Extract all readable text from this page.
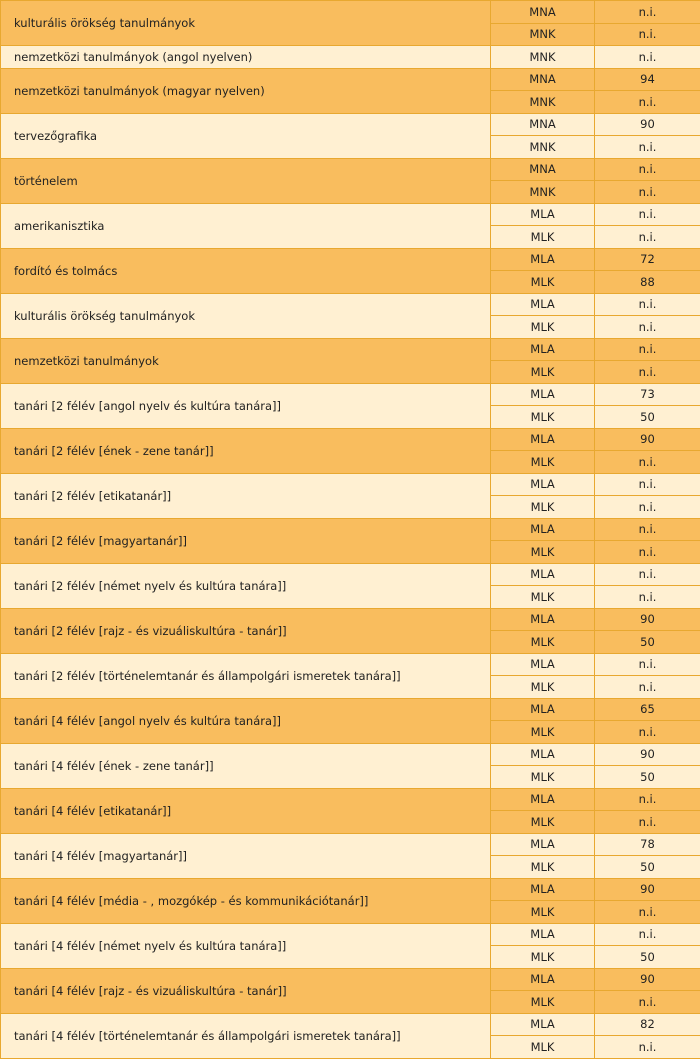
kulturális örökség tanulmányok	MNA	n.i.
	MNK	n.i.
nemzetközi tanulmányok (angol nyelven)	MNK	n.i.
nemzetközi tanulmányok (magyar nyelven)	MNA	94
	MNK	n.i.
tervezőgrafika	MNA	90
	MNK	n.i.
történelem	MNA	n.i.
	MNK	n.i.
amerikanisztika	MLA	n.i.
	MLK	n.i.
fordító és tolmács	MLA	72
	MLK	88
kulturális örökség tanulmányok	MLA	n.i.
	MLK	n.i.
nemzetközi tanulmányok	MLA	n.i.
	MLK	n.i.
tanári [2 félév [angol nyelv és kultúra tanára]]	MLA	73
	MLK	50
tanári [2 félév [ének - zene tanár]]	MLA	90
	MLK	n.i.
tanári [2 félév [etikatanár]]	MLA	n.i.
	MLK	n.i.
tanári [2 félév [magyartanár]]	MLA	n.i.
	MLK	n.i.
tanári [2 félév [német nyelv és kultúra tanára]]	MLA	n.i.
	MLK	n.i.
tanári [2 félév [rajz - és vizuáliskultúra - tanár]]	MLA	90
	MLK	50
tanári [2 félév [történelemtanár és állampolgári ismeretek tanára]]	MLA	n.i.
	MLK	n.i.
tanári [4 félév [angol nyelv és kultúra tanára]]	MLA	65
	MLK	n.i.
tanári [4 félév [ének - zene tanár]]	MLA	90
	MLK	50
tanári [4 félév [etikatanár]]	MLA	n.i.
	MLK	n.i.
tanári [4 félév [magyartanár]]	MLA	78
	MLK	50
tanári [4 félév [média - , mozgókép - és kommunikációtanár]]	MLA	90
	MLK	n.i.
tanári [4 félév [német nyelv és kultúra tanára]]	MLA	n.i.
	MLK	50
tanári [4 félév [rajz - és vizuáliskultúra - tanár]]	MLA	90
	MLK	n.i.
tanári [4 félév [történelemtanár és állampolgári ismeretek tanára]]	MLA	82
	MLK	n.i.
